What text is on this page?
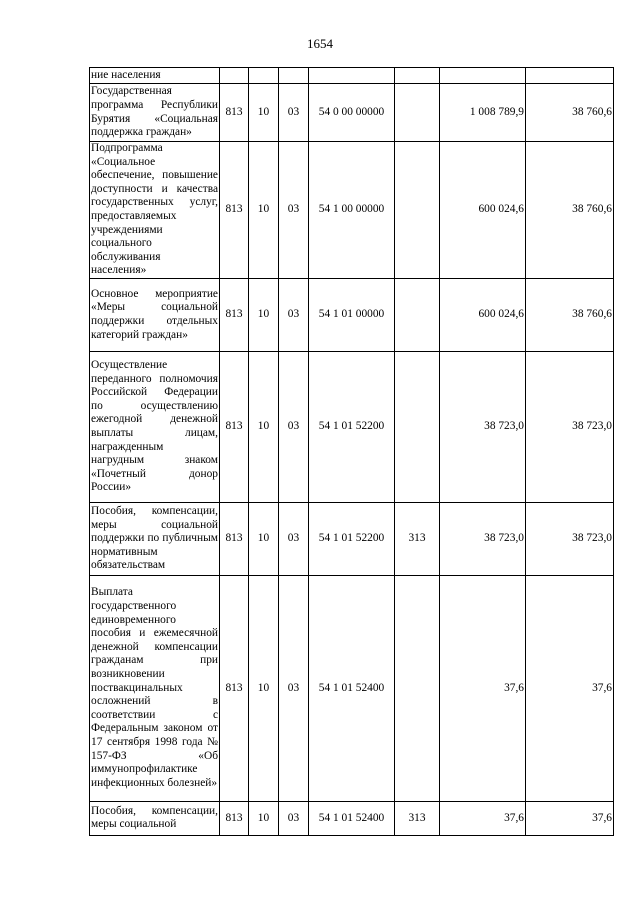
1654
ние населения							
Государственная программа Республики Бурятия «Социальная поддержка граждан»	813	10	03	54 0 00 00000		1 008 789,9	38 760,6
Подпрограмма «Социальное обеспечение, повышение доступности и качества государственных услуг, предоставляемых учреждениями социального обслуживания населения»	813	10	03	54 1 00 00000		600 024,6	38 760,6
Основное мероприятие «Меры социальной поддержки отдельных категорий граждан»	813	10	03	54 1 01 00000		600 024,6	38 760,6
Осуществление переданного полномочия Российской Федерации по осуществлению ежегодной денежной выплаты лицам, награжденным нагрудным знаком «Почетный донор России»	813	10	03	54 1 01 52200		38 723,0	38 723,0
Пособия, компенсации, меры социальной поддержки по публичным нормативным обязательствам	813	10	03	54 1 01 52200	313	38 723,0	38 723,0
Выплата государственного единовременного пособия и ежемесячной денежной компенсации гражданам при возникновении поствакцинальных осложнений в соответствии с Федеральным законом от 17 сентября 1998 года № 157-ФЗ «Об иммунопрофилактике инфекционных болезней»	813	10	03	54 1 01 52400		37,6	37,6
Пособия, компенсации, меры социальной	813	10	03	54 1 01 52400	313	37,6	37,6
